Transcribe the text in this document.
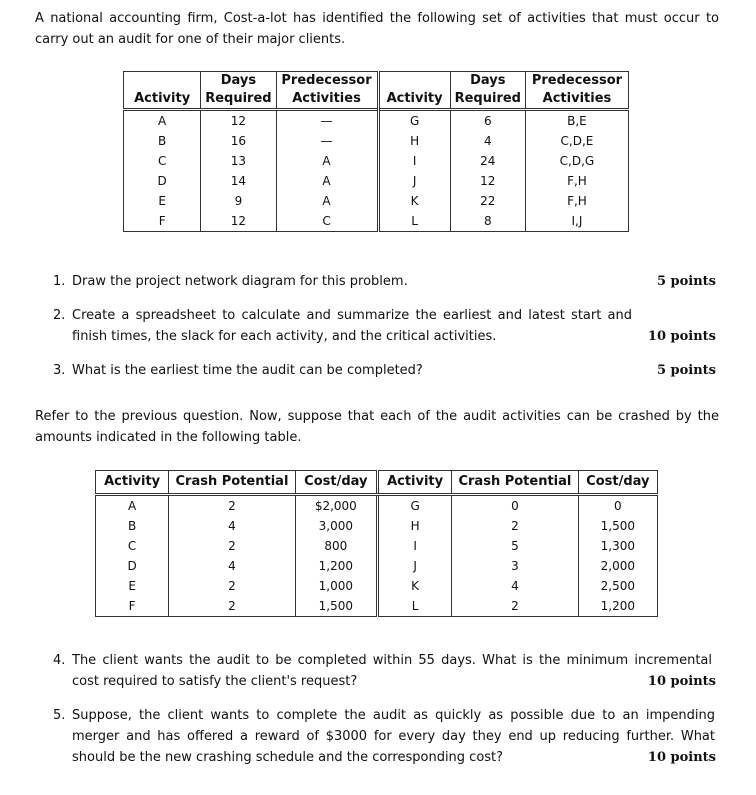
A national accounting firm, Cost-a-lot has identified the following set of activities that must occur to carry out an audit for one of their major clients.

	Days	Predecessor		Days	Predecessor
Activity	Required	Activities	Activity	Required	Activities
A	12	—	G	6	B,E
B	16	—	H	4	C,D,E
C	13	A	I	24	C,D,G
D	14	A	J	12	F,H
E	9	A	K	22	F,H
F	12	C	L	8	I,J
1. Draw the project network diagram for this problem.	5 points
2. Create a spreadsheet to calculate and summarize the earliest and latest start and finish times, the slack for each activity, and the critical activities.	10 points
3. What is the earliest time the audit can be completed?	5 points

Refer to the previous question. Now, suppose that each of the audit activities can be crashed by the amounts indicated in the following table.

Activity	Crash Potential	Cost/day	Activity	Crash Potential	Cost/day
A	2	$2,000	G	0	0
B	4	3,000	H	2	1,500
C	2	800	I	5	1,300
D	4	1,200	J	3	2,000
E	2	1,000	K	4	2,500
F	2	1,500	L	2	1,200
4. The client wants the audit to be completed within 55 days. What is the minimum incremental cost required to satisfy the client's request?	10 points
5. Suppose, the client wants to complete the audit as quickly as possible due to an impending merger and has offered a reward of $3000 for every day they end up reducing further. What should be the new crashing schedule and the corresponding cost?	10 points
